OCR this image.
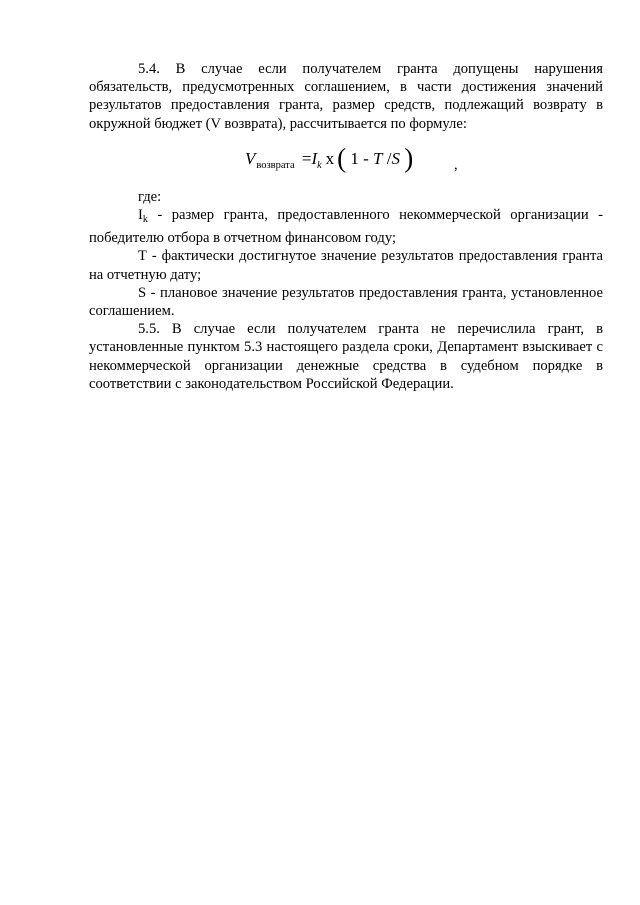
5.4. В случае если получателем гранта допущены нарушения обязательств, предусмотренных соглашением, в части достижения значений результатов предоставления гранта, размер средств, подлежащий возврату в окружной бюджет (V возврата), рассчитывается по формуле:

$V_{возврата} =I_k$ x ( 1 - T /S )	,

где:

$I_k$ - размер гранта, предоставленного некоммерческой организации - победителю отбора в отчетном финансовом году;

Т - фактически достигнутое значение результатов предоставления гранта на отчетную дату;

S - плановое значение результатов предоставления гранта, установленное соглашением.

5.5. В случае если получателем гранта не перечислила грант, в установленные пунктом 5.3 настоящего раздела сроки, Департамент взыскивает с некоммерческой организации денежные средства в судебном порядке в соответствии с законодательством Российской Федерации.
